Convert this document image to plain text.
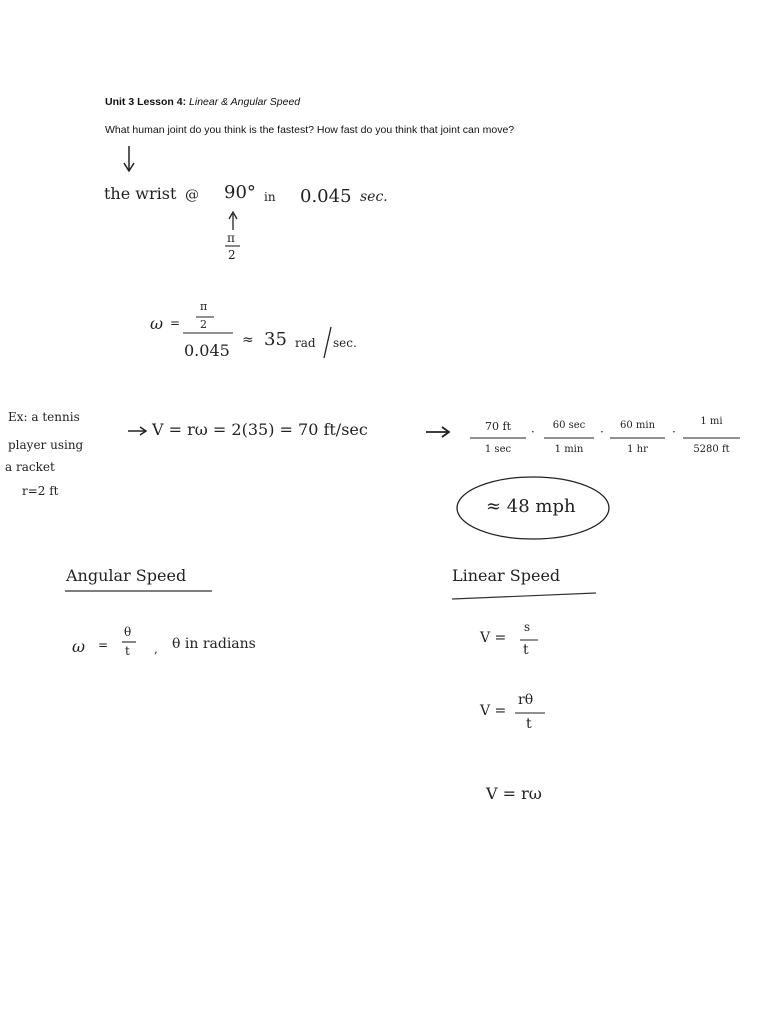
Unit 3 Lesson 4: Linear & Angular Speed
What human joint do you think is the fastest? How fast do you think that joint can move?
the wrist @ 90° in 0.045 sec.
π
2
ω =
π
2
0.045
≈ 35 rad sec.
Ex: a tennis
player using
a racket
r=2 ft
V = rω = 2(35) = 70 ft/sec	70 ft
1 sec
·	60 sec
1 min
·	60 min
1 hr
·
1 mi
5280 ft
≈ 48 mph
Angular Speed
ω =
θ
t , θ in radians
Linear Speed
V =
s
t
V =
rθ
t
V = rω
